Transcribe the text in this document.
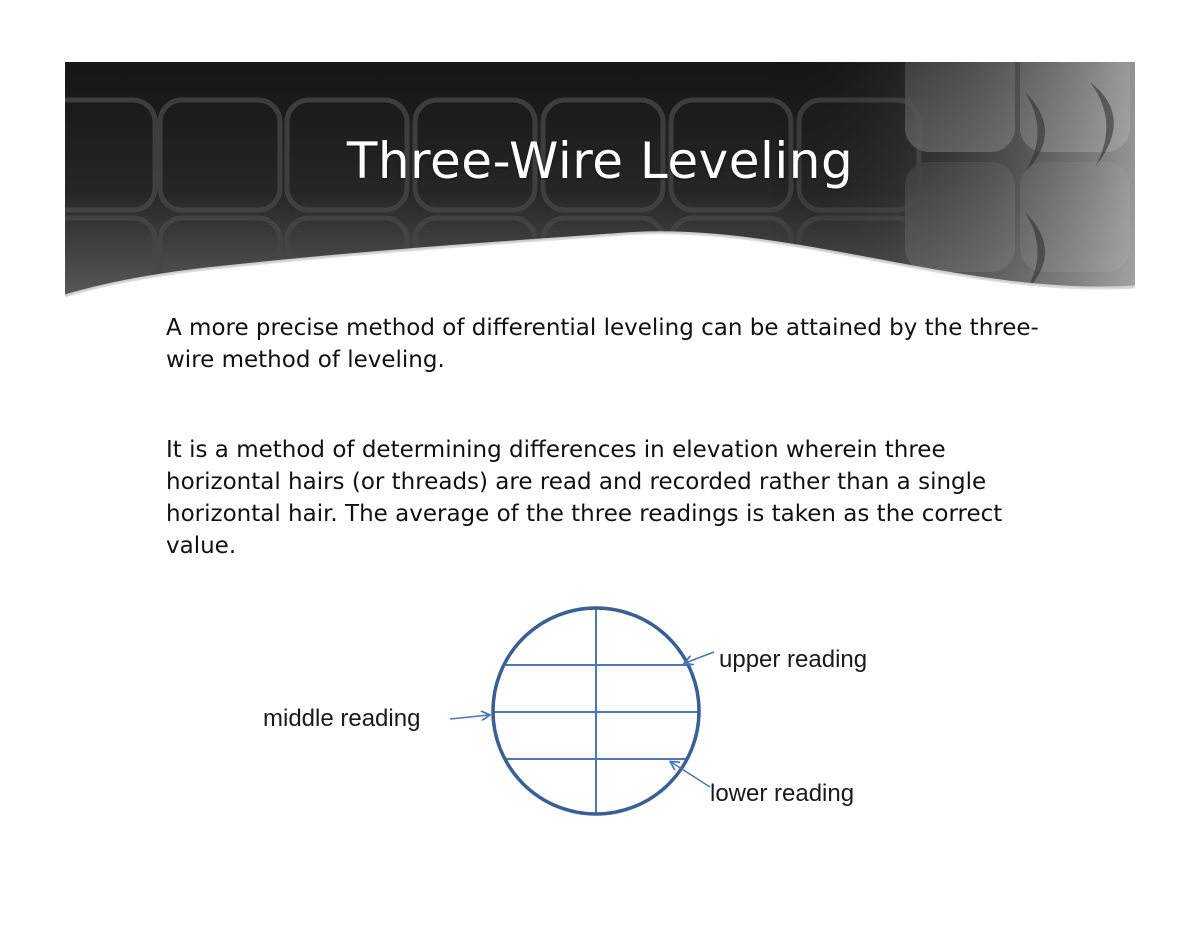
Three-Wire Leveling

A more precise method of differential leveling can be attained by the three-wire method of leveling.

It is a method of determining differences in elevation wherein three horizontal hairs (or threads) are read and recorded rather than a single horizontal hair. The average of the three readings is taken as the correct value.

upper reading
middle reading
lower reading
